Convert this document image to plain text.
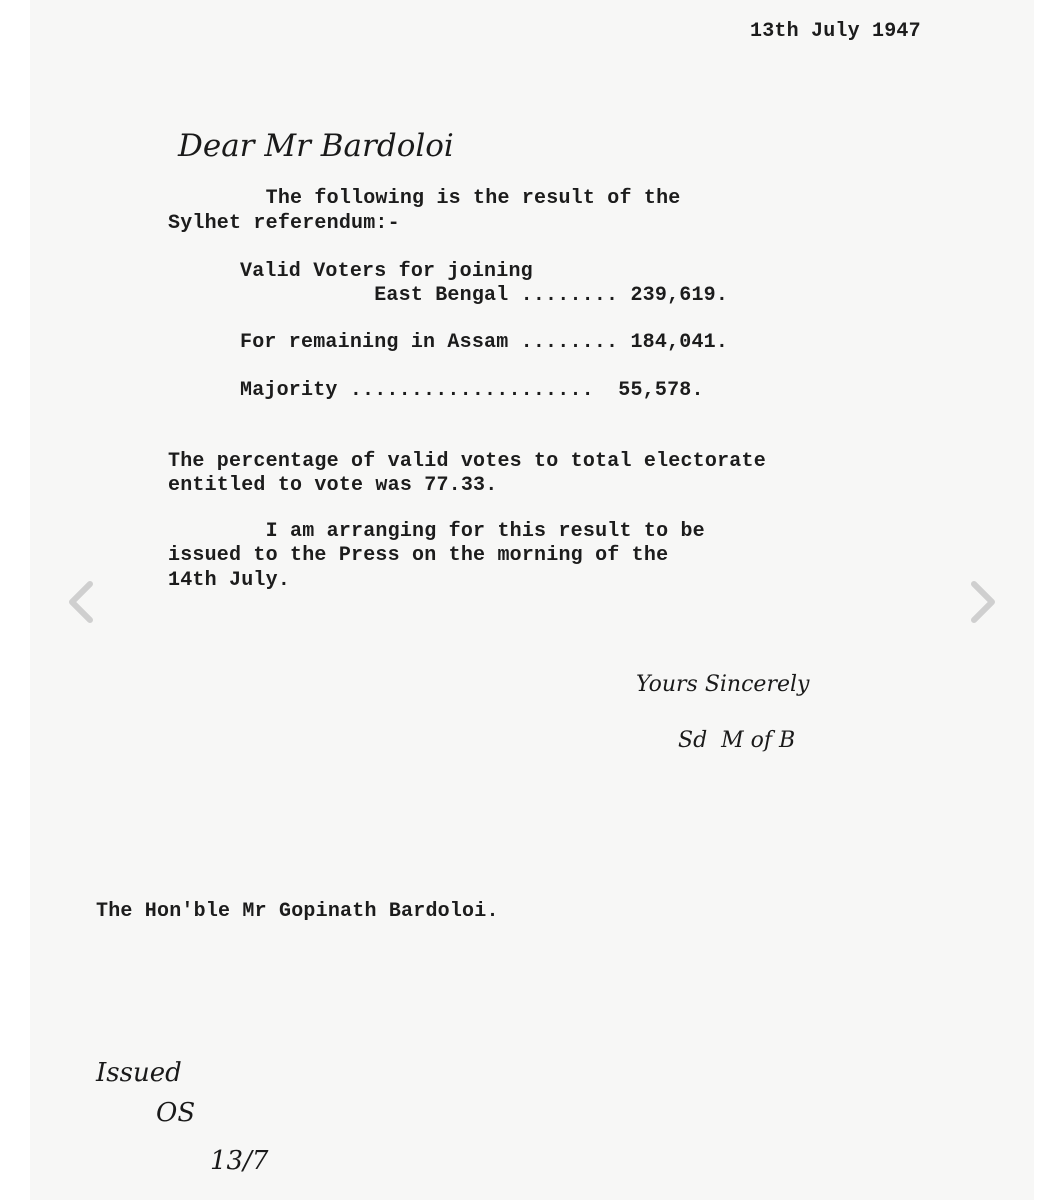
13th July 1947
Dear Mr Bardoloi
The following is the result of the
Sylhet referendum:-
Valid Voters for joining
East Bengal ........ 239,619.
For remaining in Assam ........ 184,041.
Majority ....................  55,578.
The percentage of valid votes to total electorate
entitled to vote was 77.33.
I am arranging for this result to be
issued to the Press on the morning of the
14th July.
Yours Sincerely
Sd  M of B
The Hon'ble Mr Gopinath Bardoloi.
Issued
OS
13/7
